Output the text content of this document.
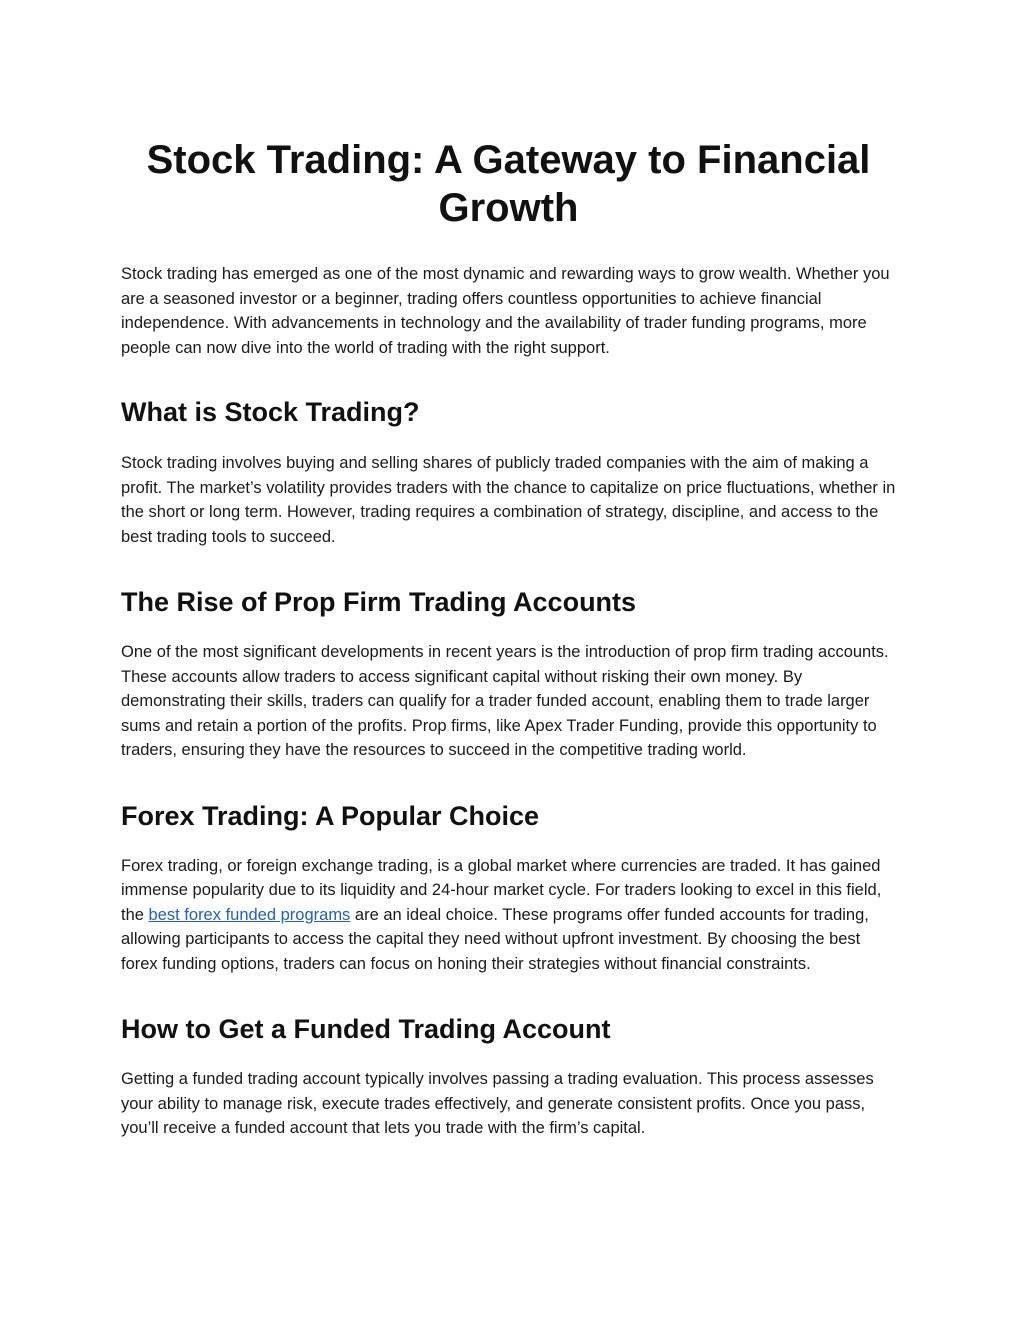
Stock Trading: A Gateway to Financial Growth

Stock trading has emerged as one of the most dynamic and rewarding ways to grow wealth. Whether you are a seasoned investor or a beginner, trading offers countless opportunities to achieve financial independence. With advancements in technology and the availability of trader funding programs, more people can now dive into the world of trading with the right support.

What is Stock Trading?

Stock trading involves buying and selling shares of publicly traded companies with the aim of making a profit. The market’s volatility provides traders with the chance to capitalize on price fluctuations, whether in the short or long term. However, trading requires a combination of strategy, discipline, and access to the best trading tools to succeed.

The Rise of Prop Firm Trading Accounts

One of the most significant developments in recent years is the introduction of prop firm trading accounts. These accounts allow traders to access significant capital without risking their own money. By demonstrating their skills, traders can qualify for a trader funded account, enabling them to trade larger sums and retain a portion of the profits. Prop firms, like Apex Trader Funding, provide this opportunity to traders, ensuring they have the resources to succeed in the competitive trading world.

Forex Trading: A Popular Choice

Forex trading, or foreign exchange trading, is a global market where currencies are traded. It has gained immense popularity due to its liquidity and 24-hour market cycle. For traders looking to excel in this field, the best forex funded programs are an ideal choice. These programs offer funded accounts for trading, allowing participants to access the capital they need without upfront investment. By choosing the best forex funding options, traders can focus on honing their strategies without financial constraints.

How to Get a Funded Trading Account

Getting a funded trading account typically involves passing a trading evaluation. This process assesses your ability to manage risk, execute trades effectively, and generate consistent profits. Once you pass, you’ll receive a funded account that lets you trade with the firm’s capital.
